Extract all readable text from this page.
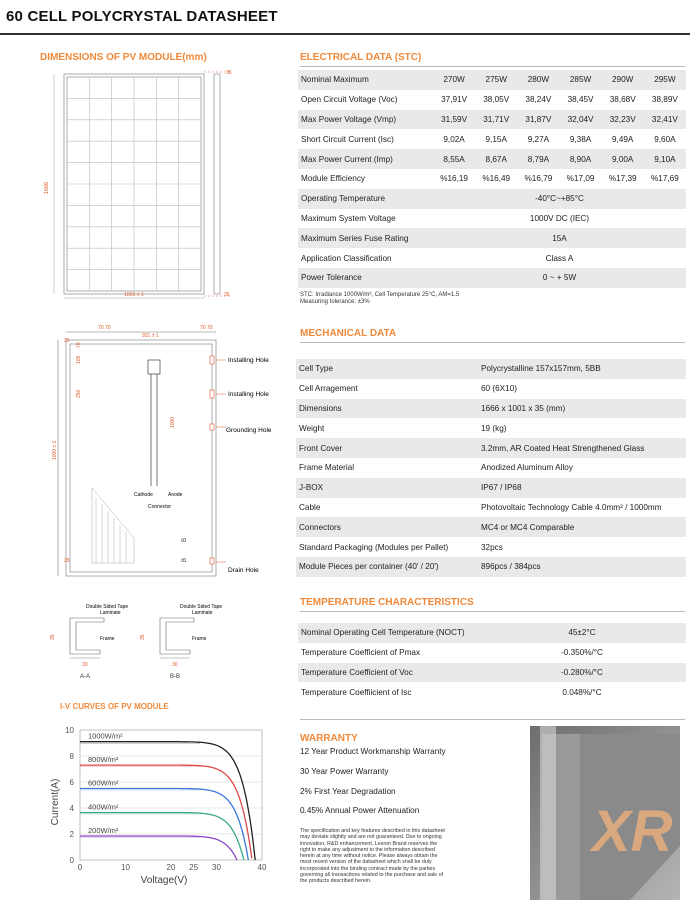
60 CELL POLYCRYSTAL DATASHEET
DIMENSIONS OF PV MODULE(mm)
1666
1001 ± 1
35
35
Installing Hole
Installing Hole
Grounding Hole
Drain Hole
70 70
931 ± 1
70 70
35
105
70
250
1000 ± 1
35
1000
Cathode	Anode
Connector
B
B
Double Sided Tape
Laminate
Frame
35
30
A-A
Double Sided Tape
Laminate
Frame
35
30
B-B
I-V CURVES OF PV MODULE
Current(A)
Voltage(V)
0
2
4
6
8
10
0	10	20 25 30	40
1000W/m²
800W/m²
600W/m²
400W/m²
200W/m²
ELECTRICAL DATA (STC)
Nominal Maximum	270W	275W	280W	285W	290W	295W
Open Circuit Voltage (Voc)	37,91V	38,05V	38,24V	38,45V	38,68V	38,89V
Max Power Voltage (Vmp)	31,59V	31,71V	31,87V	32,04V	32,23V	32,41V
Short Circuit Current (Isc)	9,02A	9,15A	9,27A	9,38A	9,49A	9,60A
Max Power Current (Imp)	8,55A	8,67A	8,79A	8,90A	9,00A	9,10A
Module Efficiency	%16,19	%16,49	%16,79	%17,09	%17,39	%17,69
Operating Temperature	-40°C~+85°C					
Maximum System Voltage	1000V DC (IEC)					
Maximum Series Fuse Rating	15A					
Application Classification	Class A					
Power Tolerance	0 ~ + 5W					
STC: Irradiance 1000W/m², Cell Temperature 25°C, AM=1.5
Measuring tolerance: ±3%
MECHANICAL DATA
Cell Type	Polycrystalline 157x157mm, 5BB
Cell Arragement	60 (6X10)
Dimensions	1666 x 1001 x 35 (mm)
Weight	19 (kg)
Front Cover	3.2mm, AR Coated Heat Strengthened Glass
Frame Material	Anodized Aluminum Alloy
J-BOX	IP67 / IP68
Cable	Photovoltaic Technology Cable 4.0mm² / 1000mm
Connectors	MC4 or MC4 Comparable
Standard Packaging (Modules per Pallet)	32pcs
Module Pieces per container (40' / 20')	896pcs / 384pcs
TEMPERATURE CHARACTERISTICS
Nominal Operating Cell Temperature (NOCT)	45±2°C
Temperature Coefficient of Pmax	-0.350%/°C
Temperature Coefficient of Voc	-0.280%/°C
Temperature Coeffiicient of Isc	0.048%/°C
WARRANTY
12 Year Product Workmanship Warranty
30 Year Power Warranty
2% First Year Degradation
0.45% Annual Power Attenuation
The specification and key features described in this datasheet
may deviate slightly and are not guaranteed. Due to ongoing
innovation, R&D enhancement, Lexron Brand reserves the
right to make any adjustment to the information described
herein at any time without notice. Please always obtain the
most recent version of the datasheet which shall be duly
incorporated into the binding contract made by the parties
governing all transactions related to the purchase and sale of
the products described herein.
XR
